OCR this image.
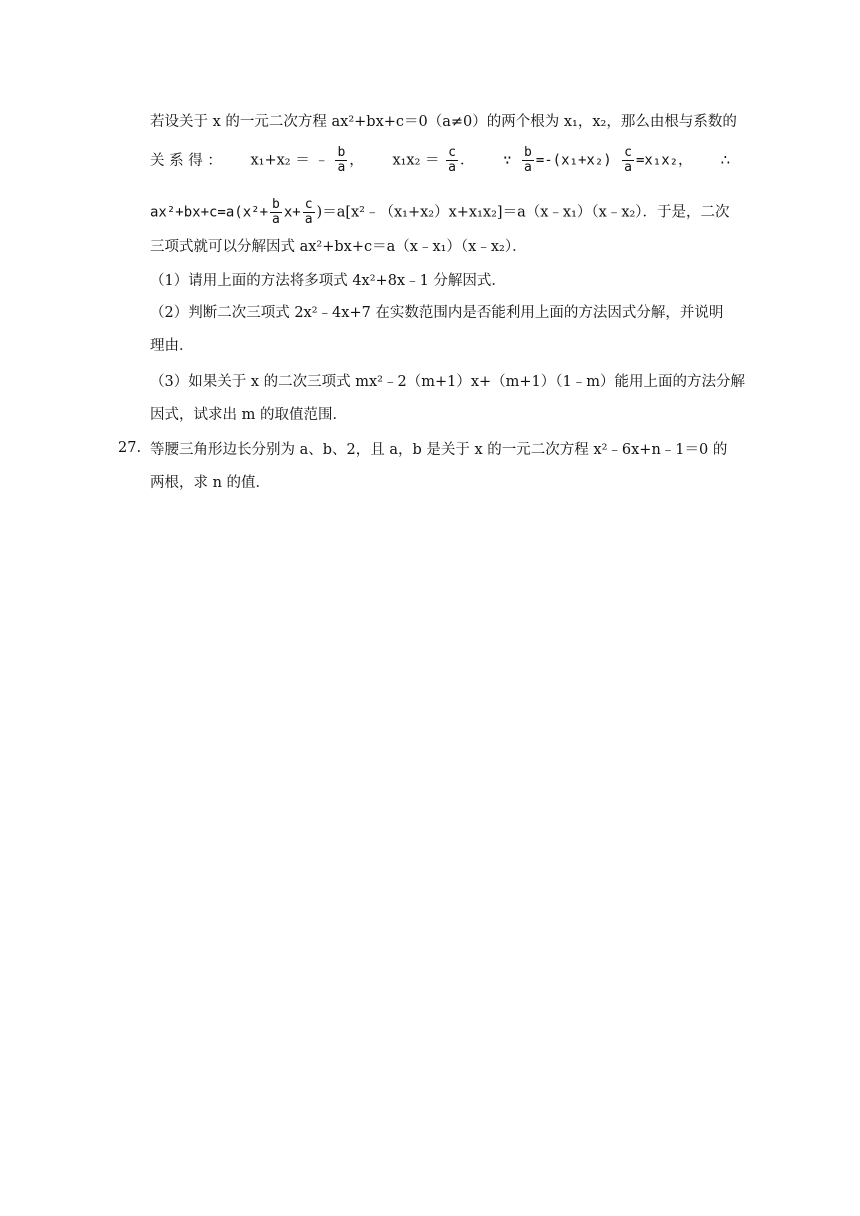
若设关于 x 的一元二次方程 ax²+bx+c＝0（a≠0）的两个根为 x₁，x₂，那么由根与系数的
关 系 得 ： x₁+x₂ ＝ ﹣ $\frac{b}{a}$ ， $x_1x_2 = \frac{c}{a}$ ． ∵ $\frac{b}{a} =-(x_1+x_2) \frac{c}{a} =x_1x_2$， ∴
$ax^2+bx+c=a(x^2+ \frac{b}{a} x+ \frac{c}{a}$ )＝a[x²﹣（x₁+x₂）x+x₁x₂]＝a（x﹣x₁）（x﹣x₂）．于是，二次
三项式就可以分解因式 ax²+bx+c＝a（x﹣x₁）（x﹣x₂）．
（1）请用上面的方法将多项式 4x²+8x﹣1 分解因式．
（2）判断二次三项式 2x²﹣4x+7 在实数范围内是否能利用上面的方法因式分解，并说明
理由．
（3）如果关于 x 的二次三项式 mx²﹣2（m+1）x+（m+1）（1﹣m）能用上面的方法分解
因式，试求出 m 的取值范围．
27. 等腰三角形边长分别为 a、b、2，且 a，b 是关于 x 的一元二次方程 x²﹣6x+n﹣1＝0 的
两根，求 n 的值．
